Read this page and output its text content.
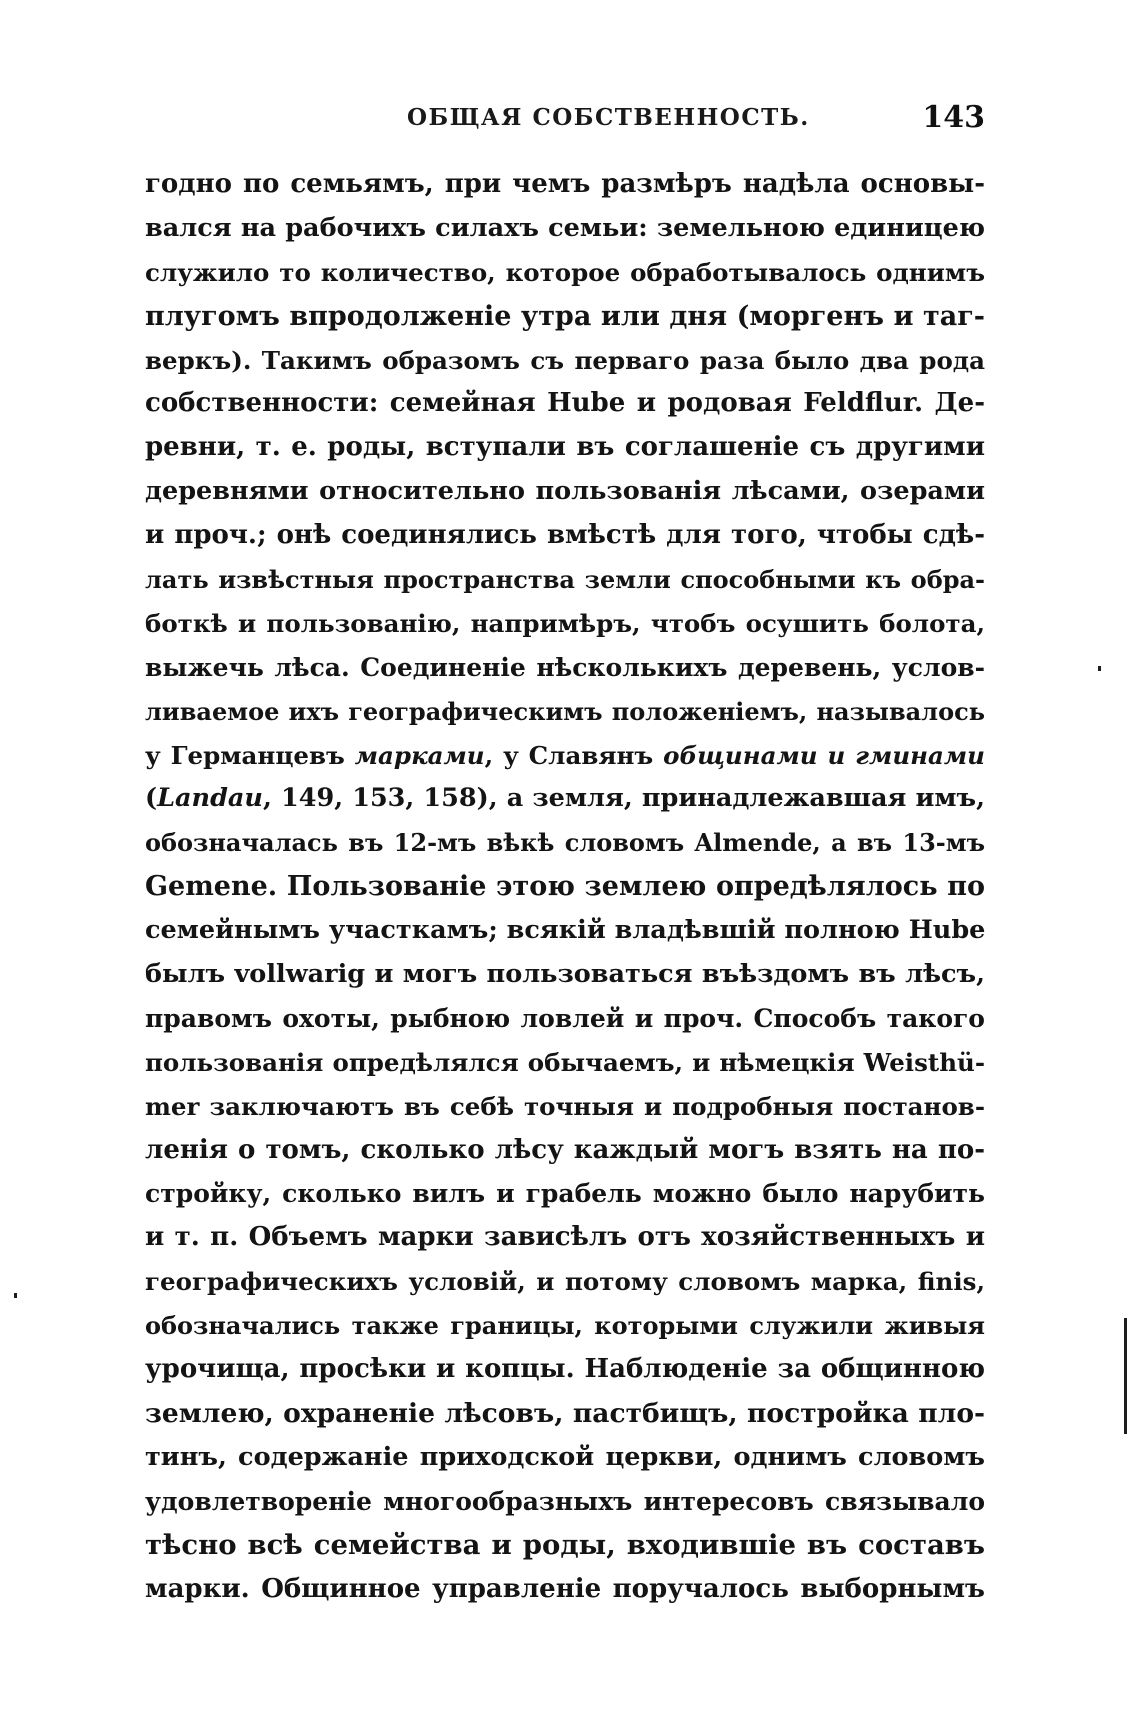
ОБЩАЯ СОБСТВЕННОСТЬ.	143
годно по семьямъ, при чемъ размѣръ надѣла основы-
вался на рабочихъ силахъ семьи: земельною единицею
служило то количество, которое обработывалось однимъ
плугомъ впродолженіе утра или дня (моргенъ и таг-
веркъ). Такимъ образомъ съ перваго раза было два рода
собственности: семейная Hube и родовая Feldflur. Де-
ревни, т. е. роды, вступали въ соглашеніе съ другими
деревнями относительно пользованія лѣсами, озерами
и проч.; онѣ соединялись вмѣстѣ для того, чтобы сдѣ-
лать извѣстныя пространства земли способными къ обра-
боткѣ и пользованію, напримѣръ, чтобъ осушить болота,
выжечь лѣса. Соединеніе нѣсколькихъ деревень, услов-
ливаемое ихъ географическимъ положеніемъ, называлось
у Германцевъ марками, у Славянъ общинами и гминами
(Landau, 149, 153, 158), а земля, принадлежавшая имъ,
обозначалась въ 12-мъ вѣкѣ словомъ Almende, а въ 13-мъ
Gemene. Пользованіе этою землею опредѣлялось по
семейнымъ участкамъ; всякій владѣвшій полною Hube
былъ vollwarig и могъ пользоваться въѣздомъ въ лѣсъ,
правомъ охоты, рыбною ловлей и проч. Способъ такого
пользованія опредѣлялся обычаемъ, и нѣмецкія Weisthü-
mer заключаютъ въ себѣ точныя и подробныя постанов-
ленія о томъ, сколько лѣсу каждый могъ взять на по-
стройку, сколько вилъ и грабель можно было нарубить
и т. п. Объемъ марки зависѣлъ отъ хозяйственныхъ и
географическихъ условій, и потому словомъ марка, finis,
обозначались также границы, которыми служили живыя
урочища, просѣки и копцы. Наблюденіе за общинною
землею, охраненіе лѣсовъ, пастбищъ, постройка пло-
тинъ, содержаніе приходской церкви, однимъ словомъ
удовлетвореніе многообразныхъ интересовъ связывало
тѣсно всѣ семейства и роды, входившіе въ составъ
марки. Общинное управленіе поручалось выборнымъ
